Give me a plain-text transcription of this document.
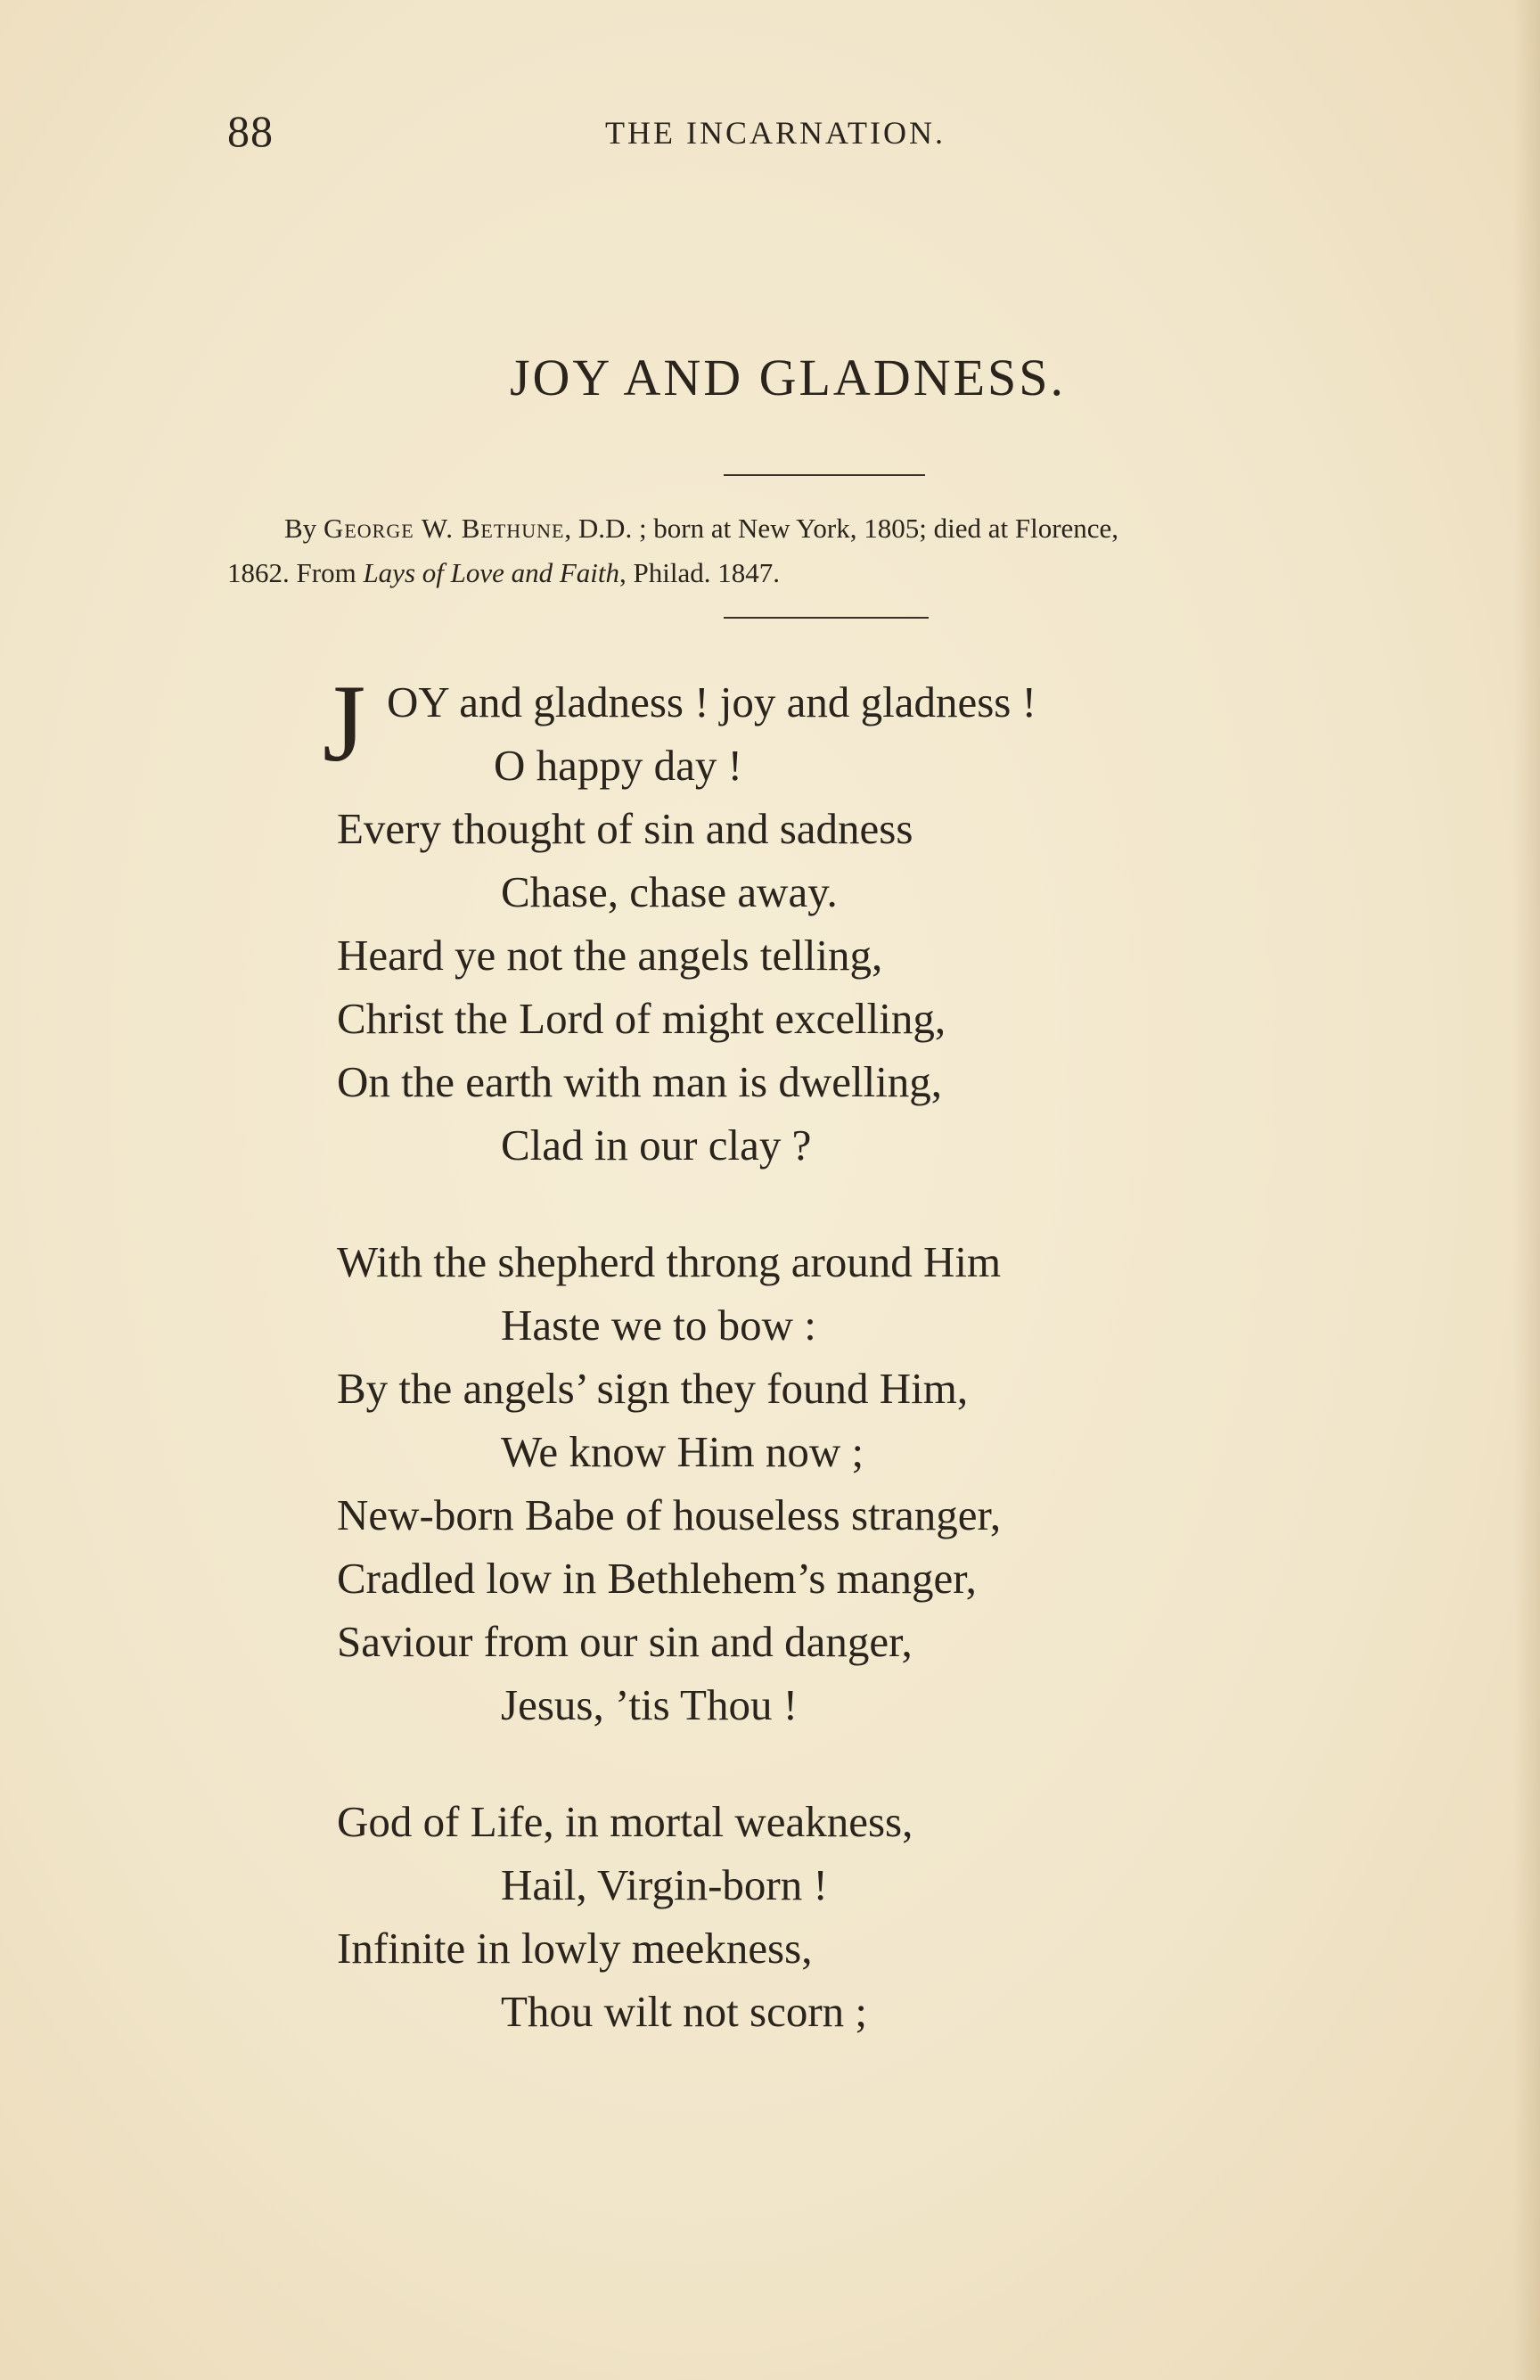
88	THE INCARNATION.
JOY AND GLADNESS.
By George W. Bethune, D.D. ; born at New York, 1805; died at Florence,
1862. From Lays of Love and Faith, Philad. 1847.
J OY and gladness ! joy and gladness !
O happy day !
Every thought of sin and sadness
Chase, chase away.
Heard ye not the angels telling,
Christ the Lord of might excelling,
On the earth with man is dwelling,
Clad in our clay ?
With the shepherd throng around Him
Haste we to bow :
By the angels’ sign they found Him,
We know Him now ;
New-born Babe of houseless stranger,
Cradled low in Bethlehem’s manger,
Saviour from our sin and danger,
Jesus, ’tis Thou !
God of Life, in mortal weakness,
Hail, Virgin-born !
Infinite in lowly meekness,
Thou wilt not scorn ;
